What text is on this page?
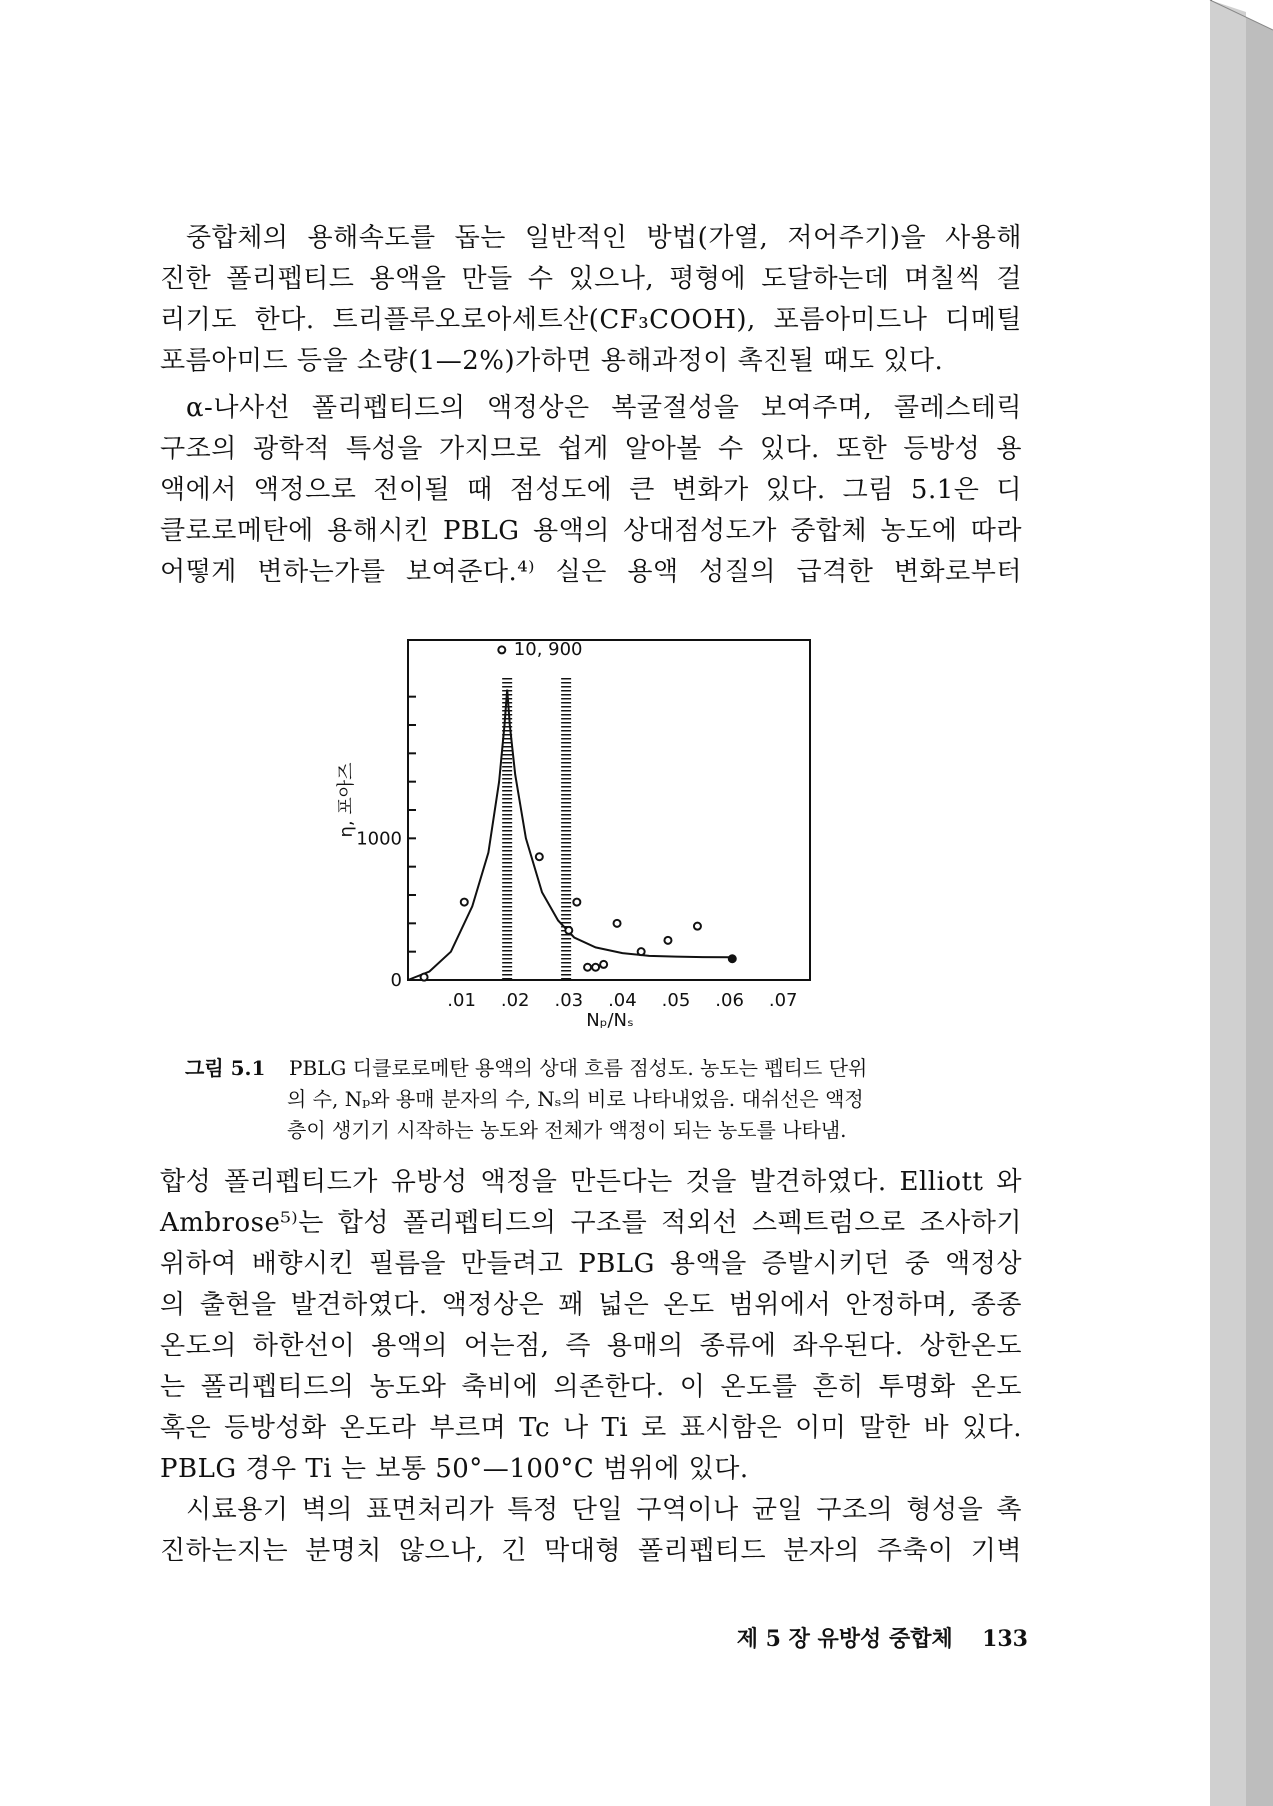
중합체의 용해속도를 돕는 일반적인 방법(가열, 저어주기)을 사용해
진한 폴리펩티드 용액을 만들 수 있으나, 평형에 도달하는데 며칠씩 걸
리기도 한다. 트리플루오로아세트산(CF₃COOH), 포름아미드나 디메틸
포름아미드 등을 소량(1—2%)가하면 용해과정이 촉진될 때도 있다.
α-나사선 폴리펩티드의 액정상은 복굴절성을 보여주며, 콜레스테릭
구조의 광학적 특성을 가지므로 쉽게 알아볼 수 있다. 또한 등방성 용
액에서 액정으로 전이될 때 점성도에 큰 변화가 있다. 그림 5.1은 디
클로로메탄에 용해시킨 PBLG 용액의 상대점성도가 중합체 농도에 따라
어떻게 변하는가를 보여준다.⁴⁾ 실은 용액 성질의 급격한 변화로부터
.01 .02 .03 .04 .05 .06 .07
0
1000
10, 900
Nₚ/Nₛ
η, 포아즈
그림 5.1 PBLG 디클로로메탄 용액의 상대 흐름 점성도. 농도는 펩티드 단위
의 수, Nₚ와 용매 분자의 수, Nₛ의 비로 나타내었음. 대쉬선은 액정
층이 생기기 시작하는 농도와 전체가 액정이 되는 농도를 나타냄.
합성 폴리펩티드가 유방성 액정을 만든다는 것을 발견하였다. Elliott 와
Ambrose⁵⁾는 합성 폴리펩티드의 구조를 적외선 스펙트럼으로 조사하기
위하여 배향시킨 필름을 만들려고 PBLG 용액을 증발시키던 중 액정상
의 출현을 발견하였다. 액정상은 꽤 넓은 온도 범위에서 안정하며, 종종
온도의 하한선이 용액의 어는점, 즉 용매의 종류에 좌우된다. 상한온도
는 폴리펩티드의 농도와 축비에 의존한다. 이 온도를 흔히 투명화 온도
혹은 등방성화 온도라 부르며 Tc 나 Ti 로 표시함은 이미 말한 바 있다.
PBLG 경우 Ti 는 보통 50°—100°C 범위에 있다.
시료용기 벽의 표면처리가 특정 단일 구역이나 균일 구조의 형성을 촉
진하는지는 분명치 않으나, 긴 막대형 폴리펩티드 분자의 주축이 기벽
제 5 장 유방성 중합체 133
